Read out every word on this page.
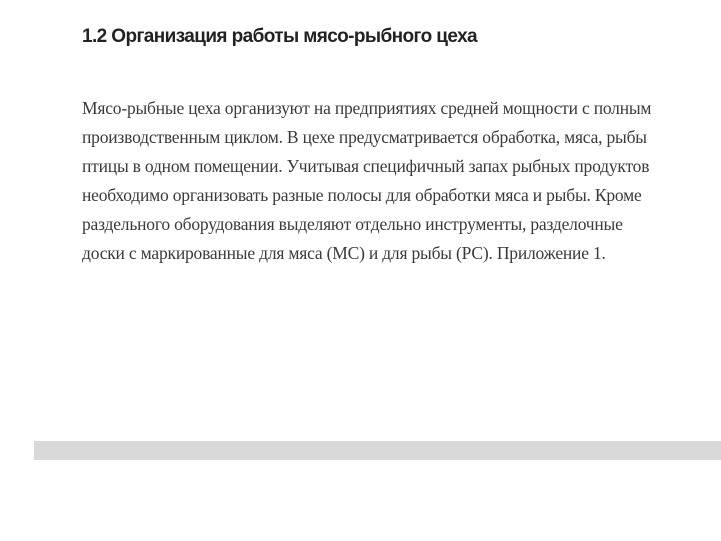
1.2 Организация работы мясо-рыбного цеха
Мясо-рыбные цеха организуют на предприятиях средней мощности с полным
производственным циклом. В цехе предусматривается обработка, мяса, рыбы
птицы в одном помещении. Учитывая специфичный запах рыбных продуктов
необходимо организовать разные полосы для обработки мяса и рыбы. Кроме
раздельного оборудования выделяют отдельно инструменты, разделочные
доски с маркированные для мяса (МС) и для рыбы (РС). Приложение 1.
